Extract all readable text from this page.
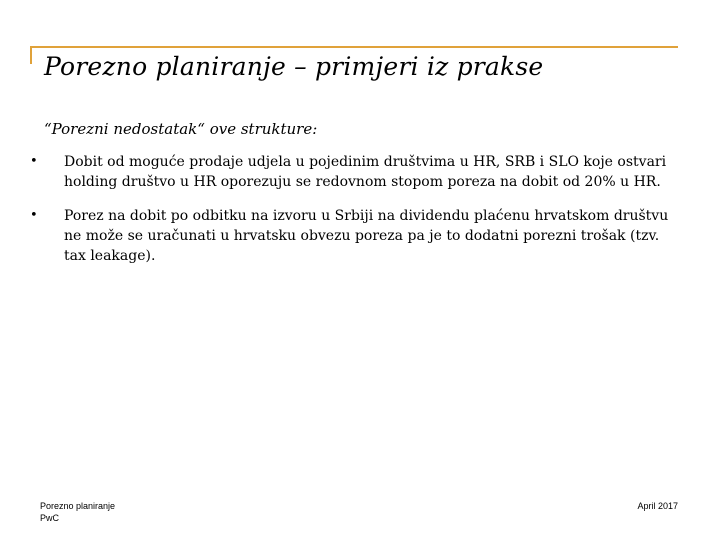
Porezno planiranje – primjeri iz prakse
“Porezni nedostatak“ ove strukture:
• Dobit od moguće prodaje udjela u pojedinim društvima u HR, SRB i SLO koje ostvari holding društvo u HR oporezuju se redovnom stopom poreza na dobit od 20% u HR.
• Porez na dobit po odbitku na izvoru u Srbiji na dividendu plaćenu hrvatskom društvu ne može se uračunati u hrvatsku obvezu poreza pa je to dodatni porezni trošak (tzv. tax leakage).
Porezno planiranje
PwC
April 2017
